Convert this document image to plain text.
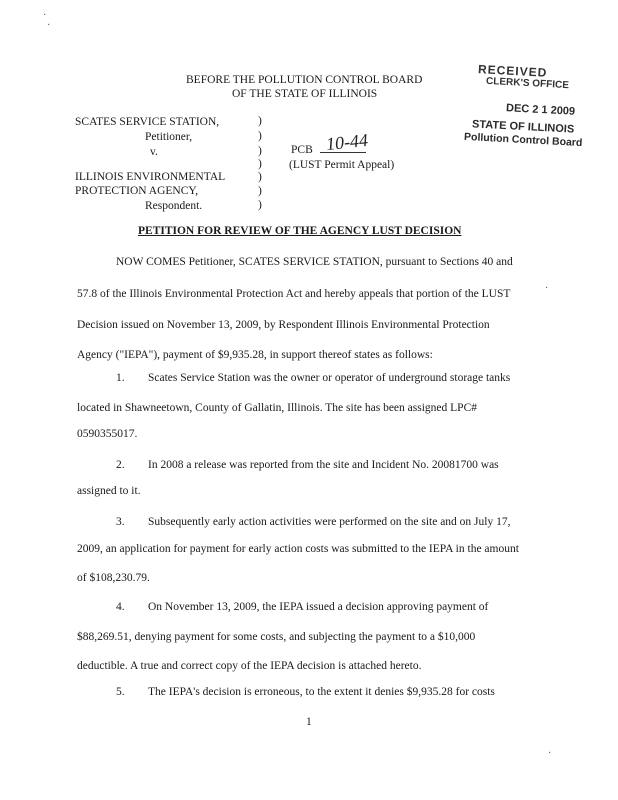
·
·
BEFORE THE POLLUTION CONTROL BOARD
OF THE STATE OF ILLINOIS
RECEIVED
CLERK'S OFFICE
DEC 2 1 2009
STATE OF ILLINOIS
Pollution Control Board
SCATES SERVICE STATION,
Petitioner,
v.
ILLINOIS ENVIRONMENTAL
PROTECTION AGENCY,
Respondent.
)
)
)
)
)
)
)
PCB 10-44
(LUST Permit Appeal)
PETITION FOR REVIEW OF THE AGENCY LUST DECISION
NOW COMES Petitioner, SCATES SERVICE STATION, pursuant to Sections 40 and
57.8 of the Illinois Environmental Protection Act and hereby appeals that portion of the LUST
Decision issued on November 13, 2009, by Respondent Illinois Environmental Protection
Agency ("IEPA"), payment of $9,935.28, in support thereof states as follows:
1. Scates Service Station was the owner or operator of underground storage tanks
located in Shawneetown, County of Gallatin, Illinois. The site has been assigned LPC#
0590355017.
2. In 2008 a release was reported from the site and Incident No. 20081700 was
assigned to it.
3. Subsequently early action activities were performed on the site and on July 17,
2009, an application for payment for early action costs was submitted to the IEPA in the amount
of $108,230.79.
4. On November 13, 2009, the IEPA issued a decision approving payment of
$88,269.51, denying payment for some costs, and subjecting the payment to a $10,000
deductible. A true and correct copy of the IEPA decision is attached hereto.
5. The IEPA's decision is erroneous, to the extent it denies $9,935.28 for costs
1
·
·
